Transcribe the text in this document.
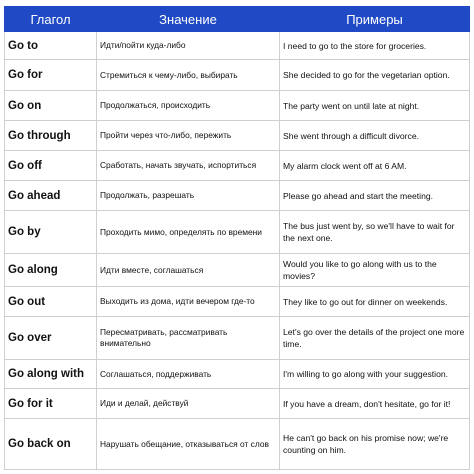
Глагол	Значение	Примеры
Go to	Идти/пойти куда-либо	I need to go to the store for groceries.
Go for	Стремиться к чему-либо, выбирать	She decided to go for the vegetarian option.
Go on	Продолжаться, происходить	The party went on until late at night.
Go through	Пройти через что-либо, пережить	She went through a difficult divorce.
Go off	Сработать, начать звучать, испортиться	My alarm clock went off at 6 AM.
Go ahead	Продолжать, разрешать	Please go ahead and start the meeting.
Go by	Проходить мимо, определять по времени	The bus just went by, so we'll have to wait for the next one.
Go along	Идти вместе, соглашаться	Would you like to go along with us to the movies?
Go out	Выходить из дома, идти вечером где-то	They like to go out for dinner on weekends.
Go over	Пересматривать, рассматривать внимательно	Let's go over the details of the project one more time.
Go along with	Соглашаться, поддерживать	I'm willing to go along with your suggestion.
Go for it	Иди и делай, действуй	If you have a dream, don't hesitate, go for it!
Go back on	Нарушать обещание, отказываться от слов	He can't go back on his promise now; we're counting on him.
